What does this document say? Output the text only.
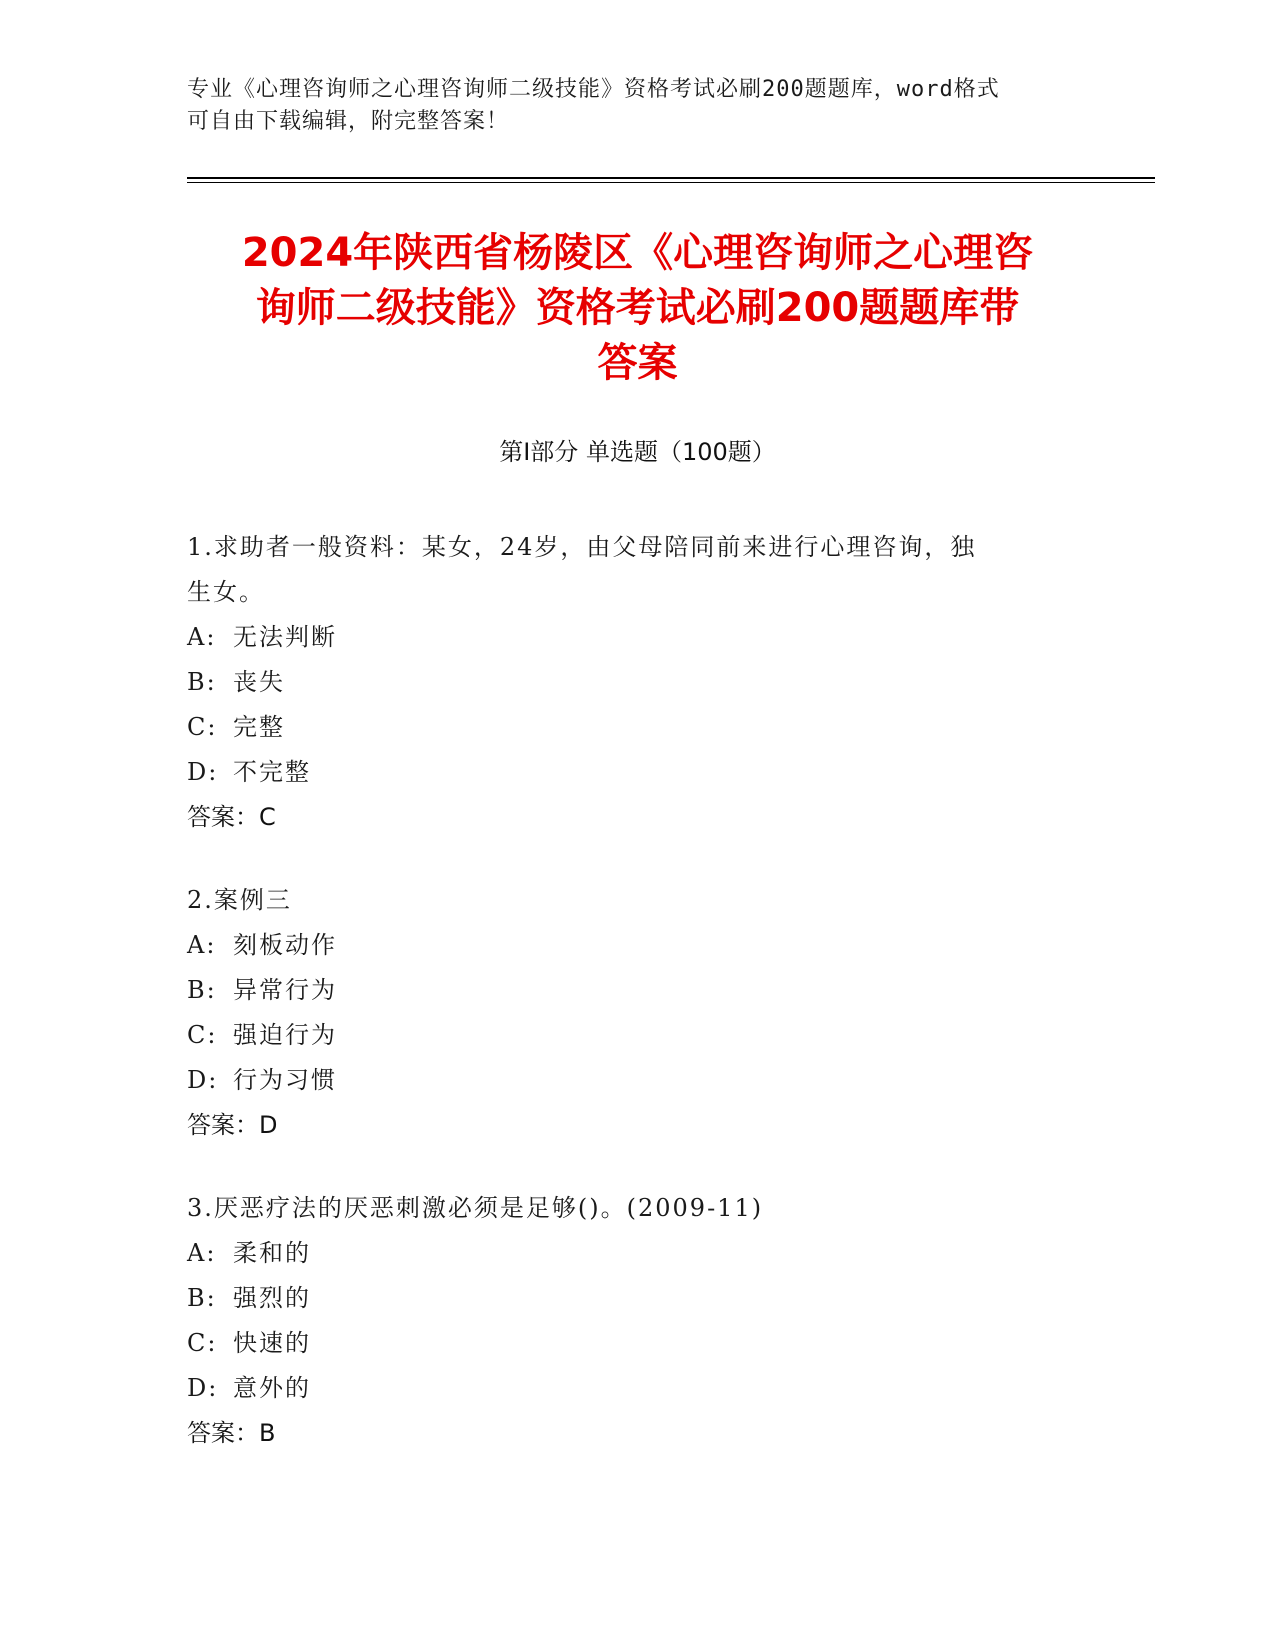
专业《心理咨询师之心理咨询师二级技能》资格考试必刷200题题库，word格式
可自由下载编辑，附完整答案！
2024年陕西省杨陵区《心理咨询师之心理咨
询师二级技能》资格考试必刷200题题库带
答案
第Ⅰ部分 单选题（100题）
1.求助者一般资料：某女，24岁，由父母陪同前来进行心理咨询，独
生女。
A: 无法判断
B: 丧失
C: 完整
D: 不完整
答案：C
2.案例三
A: 刻板动作
B: 异常行为
C: 强迫行为
D: 行为习惯
答案：D
3.厌恶疗法的厌恶刺激必须是足够()。(2009-11)
A: 柔和的
B: 强烈的
C: 快速的
D: 意外的
答案：B
